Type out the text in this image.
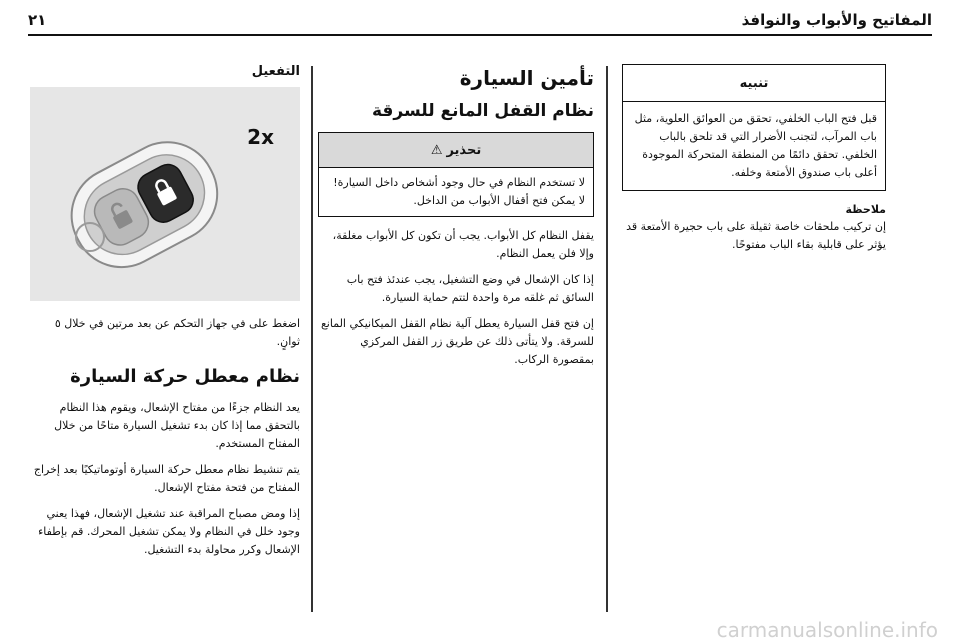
المفاتيح والأبواب والنوافذ
٢١
تنبيه
قبل فتح الباب الخلفي، تحقق من العوائق العلوية، مثل باب المرآب، لتجنب الأضرار التي قد تلحق بالباب الخلفي. تحقق دائمًا من المنطقة المتحركة الموجودة أعلى باب صندوق الأمتعة وخلفه.
ملاحظة

إن تركيب ملحقات خاصة ثقيلة على باب حجيرة الأمتعة قد يؤثر على قابلية بقاء الباب مفتوحًا.

تأمين السيارة
نظام القفل المانع للسرقة
تحذير
⚠
لا تستخدم النظام في حال وجود أشخاص داخل السيارة! لا يمكن فتح أقفال الأبواب من الداخل.

يقفل النظام كل الأبواب. يجب أن تكون كل الأبواب مغلقة، وإلا فلن يعمل النظام.

إذا كان الإشعال في وضع التشغيل، يجب عندئذ فتح باب السائق ثم غلقه مرة واحدة لتتم حماية السيارة.

إن فتح قفل السيارة يعطل آلية نظام القفل الميكانيكي المانع للسرقة. ولا يتأتى ذلك عن طريق زر القفل المركزي بمقصورة الركاب.

التفعيل
2x

اضغط على في جهاز التحكم عن بعد مرتين في خلال ٥ ثوانٍ.

نظام معطل حركة السيارة

يعد النظام جزءًا من مفتاح الإشعال، ويقوم هذا النظام بالتحقق مما إذا كان بدء تشغيل السيارة متاحًا من خلال المفتاح المستخدم.

يتم تنشيط نظام معطل حركة السيارة أوتوماتيكيًا بعد إخراج المفتاح من فتحة مفتاح الإشعال.

إذا ومض مصباح المراقبة عند تشغيل الإشعال، فهذا يعني وجود خلل في النظام ولا يمكن تشغيل المحرك. قم بإطفاء الإشعال وكرر محاولة بدء التشغيل.

carmanualsonline.info
